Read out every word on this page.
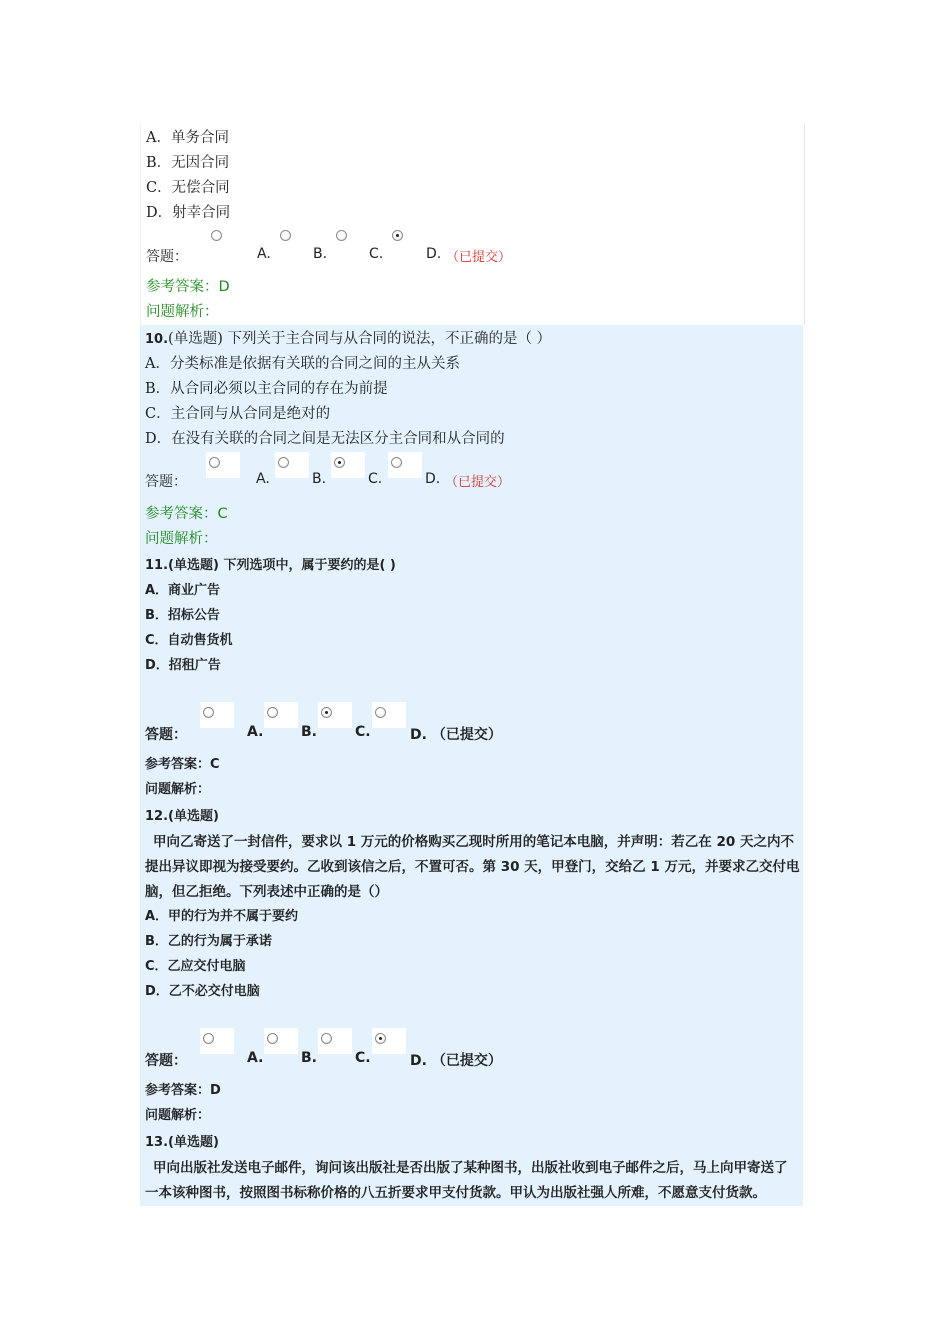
A．单务合同
B．无因合同
C．无偿合同
D．射幸合同
答题：	A.	B.	C.	D. （已提交）
参考答案：D
问题解析：
10.(单选题) 下列关于主合同与从合同的说法，不正确的是（ ）
A．分类标准是依据有关联的合同之间的主从关系
B．从合同必须以主合同的存在为前提
C．主合同与从合同是绝对的
D．在没有关联的合同之间是无法区分主合同和从合同的
答题：	A.	B.	C.	D. （已提交）
参考答案：C
问题解析：
11.(单选题) 下列选项中，属于要约的是( )
A．商业广告
B．招标公告
C．自动售货机
D．招租广告
答题：	A.	B.	C.	D. （已提交）
参考答案：C
问题解析：
12.(单选题)
甲向乙寄送了一封信件，要求以 1 万元的价格购买乙现时所用的笔记本电脑，并声明：若乙在 20 天之内不提出异议即视为接受要约。乙收到该信之后，不置可否。第 30 天，甲登门，交给乙 1 万元，并要求乙交付电脑，但乙拒绝。下列表述中正确的是（）
A．甲的行为并不属于要约
B．乙的行为属于承诺
C．乙应交付电脑
D．乙不必交付电脑
答题：	A.	B.	C.	D. （已提交）
参考答案：D
问题解析：
13.(单选题)
甲向出版社发送电子邮件，询问该出版社是否出版了某种图书，出版社收到电子邮件之后，马上向甲寄送了一本该种图书，按照图书标称价格的八五折要求甲支付货款。甲认为出版社强人所难，不愿意支付货款。
